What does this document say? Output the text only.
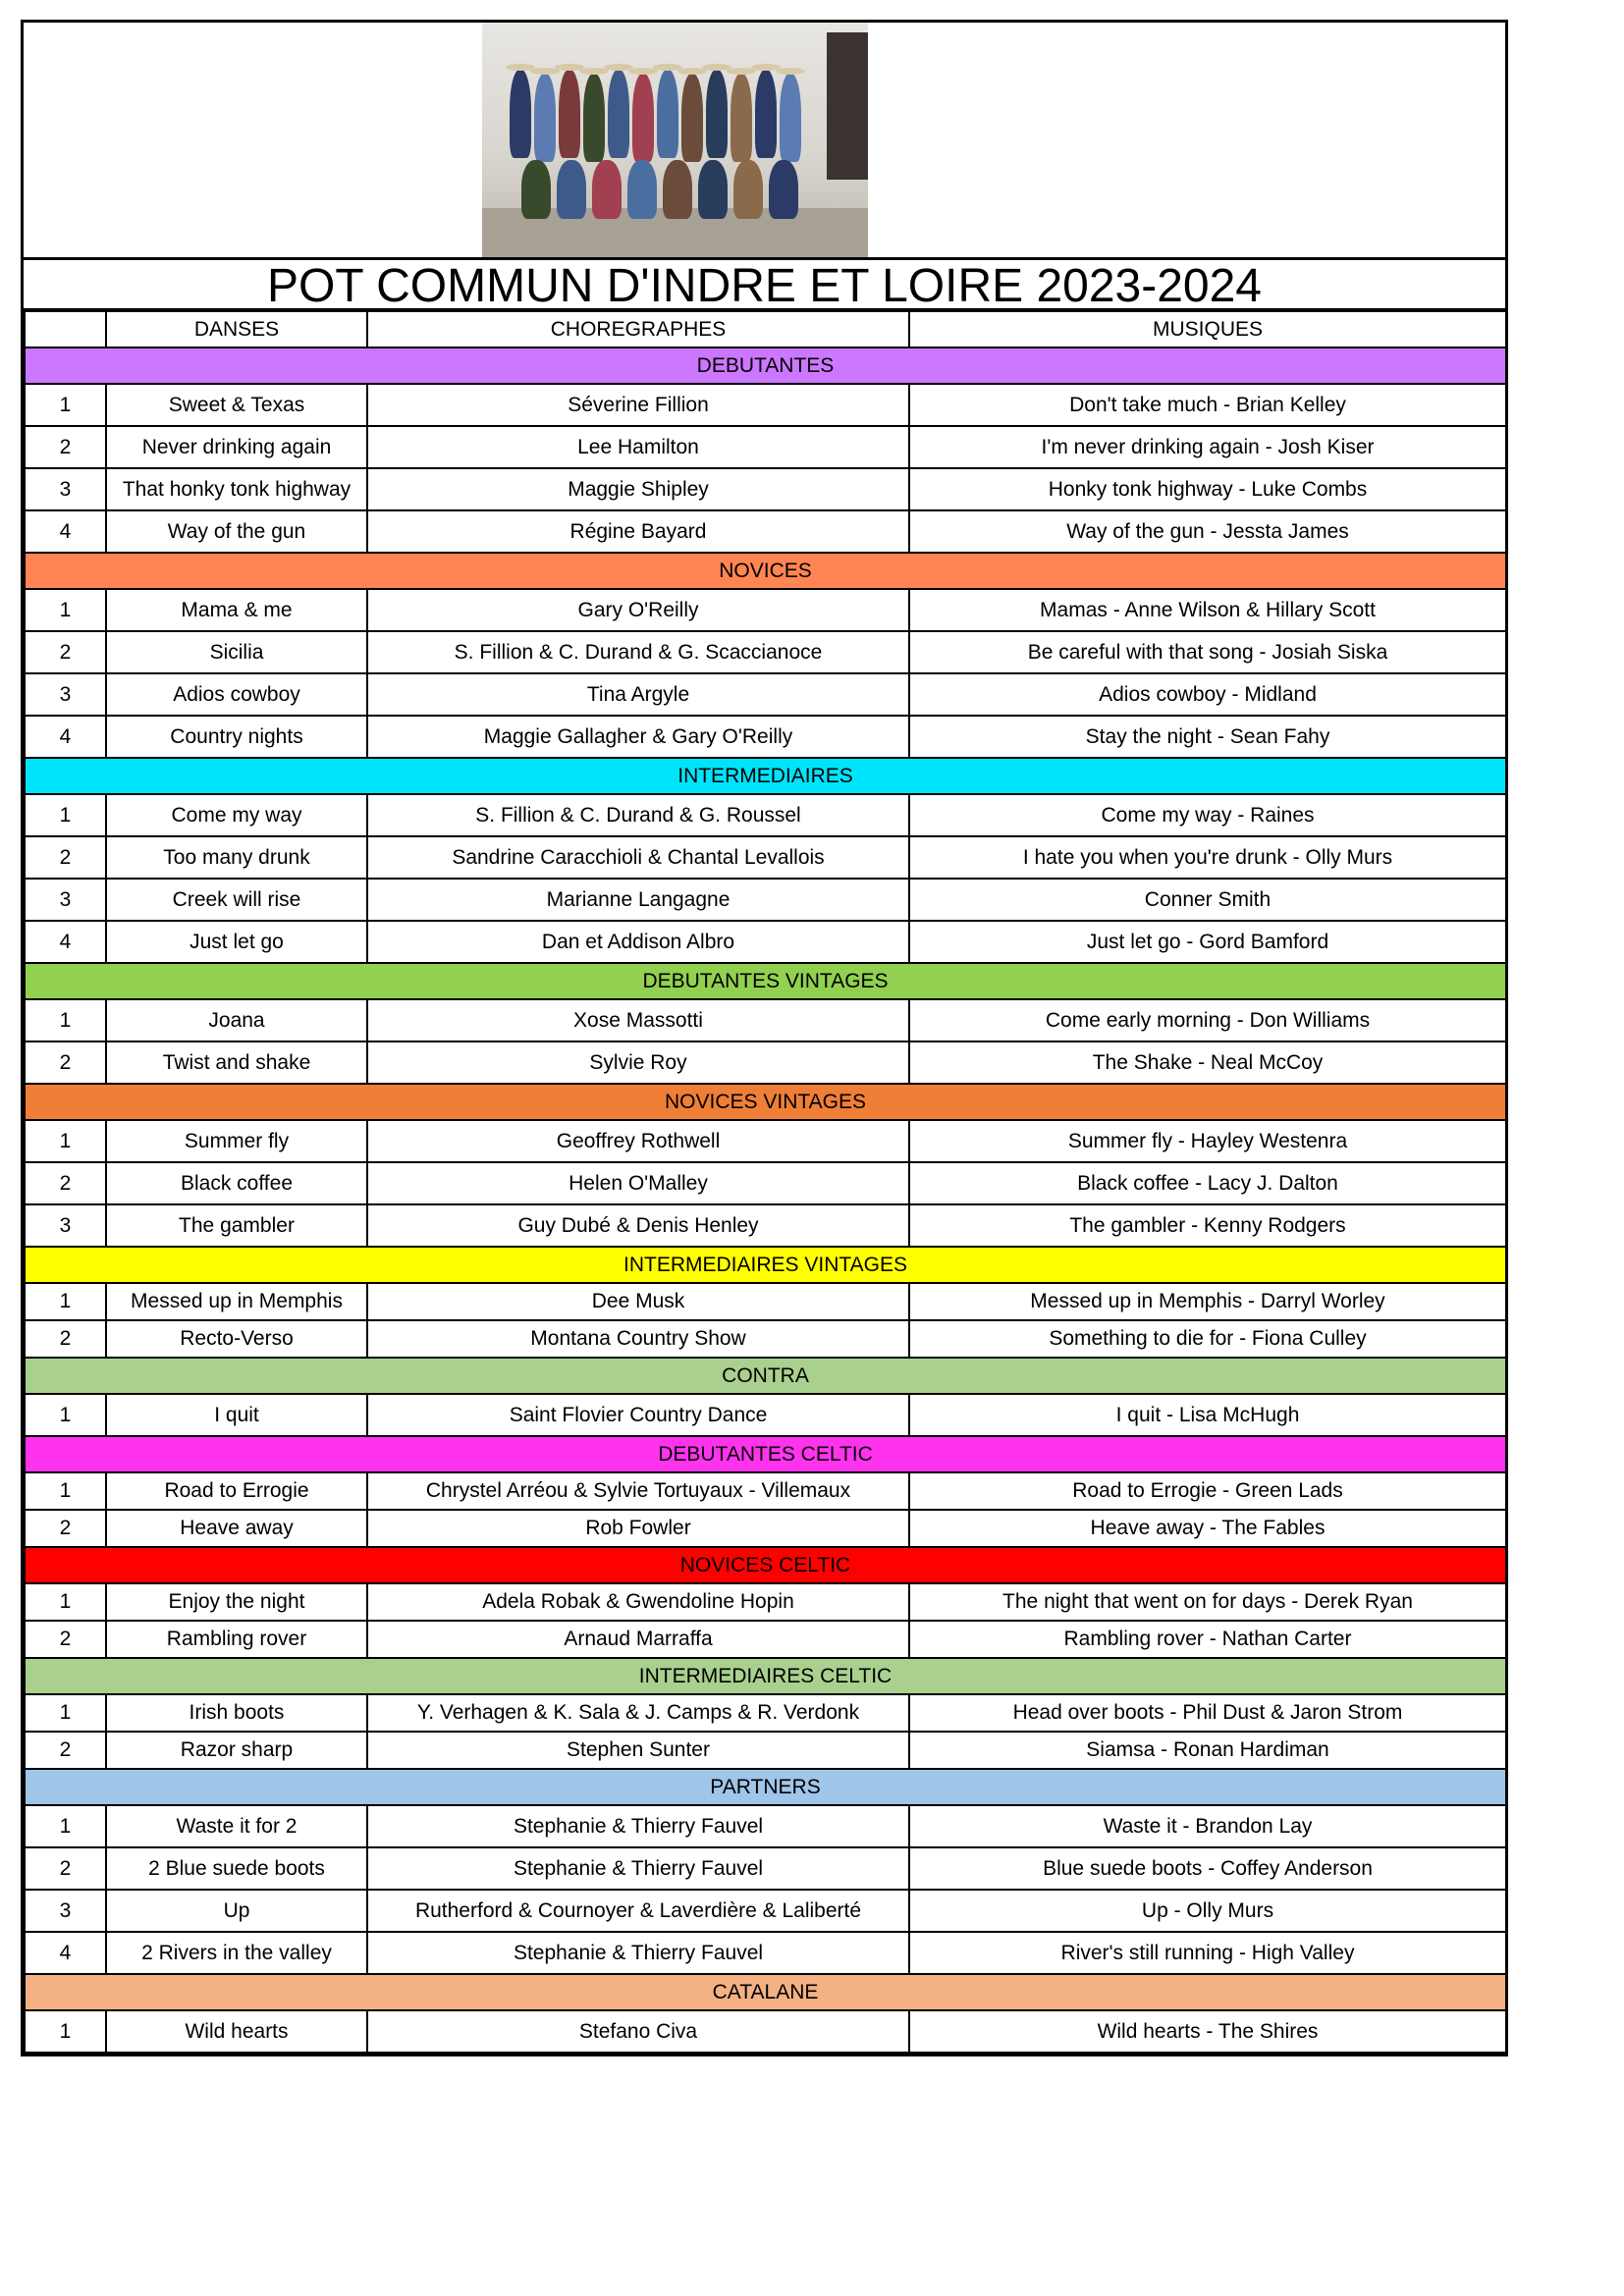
POT COMMUN D'INDRE ET LOIRE 2023-2024
	DANSES	CHOREGRAPHES	MUSIQUES
DEBUTANTES			
1	Sweet & Texas	Séverine Fillion	Don't take much - Brian Kelley
2	Never drinking again	Lee Hamilton	I'm never drinking again - Josh Kiser
3	That honky tonk highway	Maggie Shipley	Honky tonk highway - Luke Combs
4	Way of the gun	Régine Bayard	Way of the gun - Jessta James
NOVICES			
1	Mama & me	Gary O'Reilly	Mamas - Anne Wilson & Hillary Scott
2	Sicilia	S. Fillion & C. Durand & G. Scaccianoce	Be careful with that song - Josiah Siska
3	Adios cowboy	Tina Argyle	Adios cowboy - Midland
4	Country nights	Maggie Gallagher & Gary O'Reilly	Stay the night - Sean Fahy
INTERMEDIAIRES			
1	Come my way	S. Fillion & C. Durand & G. Roussel	Come my way - Raines
2	Too many drunk	Sandrine Caracchioli & Chantal Levallois	I hate you when you're drunk - Olly Murs
3	Creek will rise	Marianne Langagne	Conner Smith
4	Just let go	Dan et Addison Albro	Just let go - Gord Bamford
DEBUTANTES VINTAGES			
1	Joana	Xose Massotti	Come early morning - Don Williams
2	Twist and shake	Sylvie Roy	The Shake - Neal McCoy
NOVICES VINTAGES			
1	Summer fly	Geoffrey Rothwell	Summer fly - Hayley Westenra
2	Black coffee	Helen O'Malley	Black coffee - Lacy J. Dalton
3	The gambler	Guy Dubé & Denis Henley	The gambler - Kenny Rodgers
INTERMEDIAIRES VINTAGES			
1	Messed up in Memphis	Dee Musk	Messed up in Memphis - Darryl Worley
2	Recto-Verso	Montana Country Show	Something to die for - Fiona Culley
CONTRA			
1	I quit	Saint Flovier Country Dance	I quit - Lisa McHugh
DEBUTANTES CELTIC			
1	Road to Errogie	Chrystel Arréou & Sylvie Tortuyaux - Villemaux	Road to Errogie - Green Lads
2	Heave away	Rob Fowler	Heave away - The Fables
NOVICES CELTIC			
1	Enjoy the night	Adela Robak & Gwendoline Hopin	The night that went on for days - Derek Ryan
2	Rambling rover	Arnaud Marraffa	Rambling rover - Nathan Carter
INTERMEDIAIRES CELTIC			
1	Irish boots	Y. Verhagen & K. Sala & J. Camps & R. Verdonk	Head over boots - Phil Dust & Jaron Strom
2	Razor sharp	Stephen Sunter	Siamsa - Ronan Hardiman
PARTNERS			
1	Waste it for 2	Stephanie & Thierry Fauvel	Waste it - Brandon Lay
2	2 Blue suede boots	Stephanie & Thierry Fauvel	Blue suede boots - Coffey Anderson
3	Up	Rutherford & Cournoyer & Laverdière & Laliberté	Up - Olly Murs
4	2 Rivers in the valley	Stephanie & Thierry Fauvel	River's still running - High Valley
CATALANE			
1	Wild hearts	Stefano Civa	Wild hearts - The Shires
